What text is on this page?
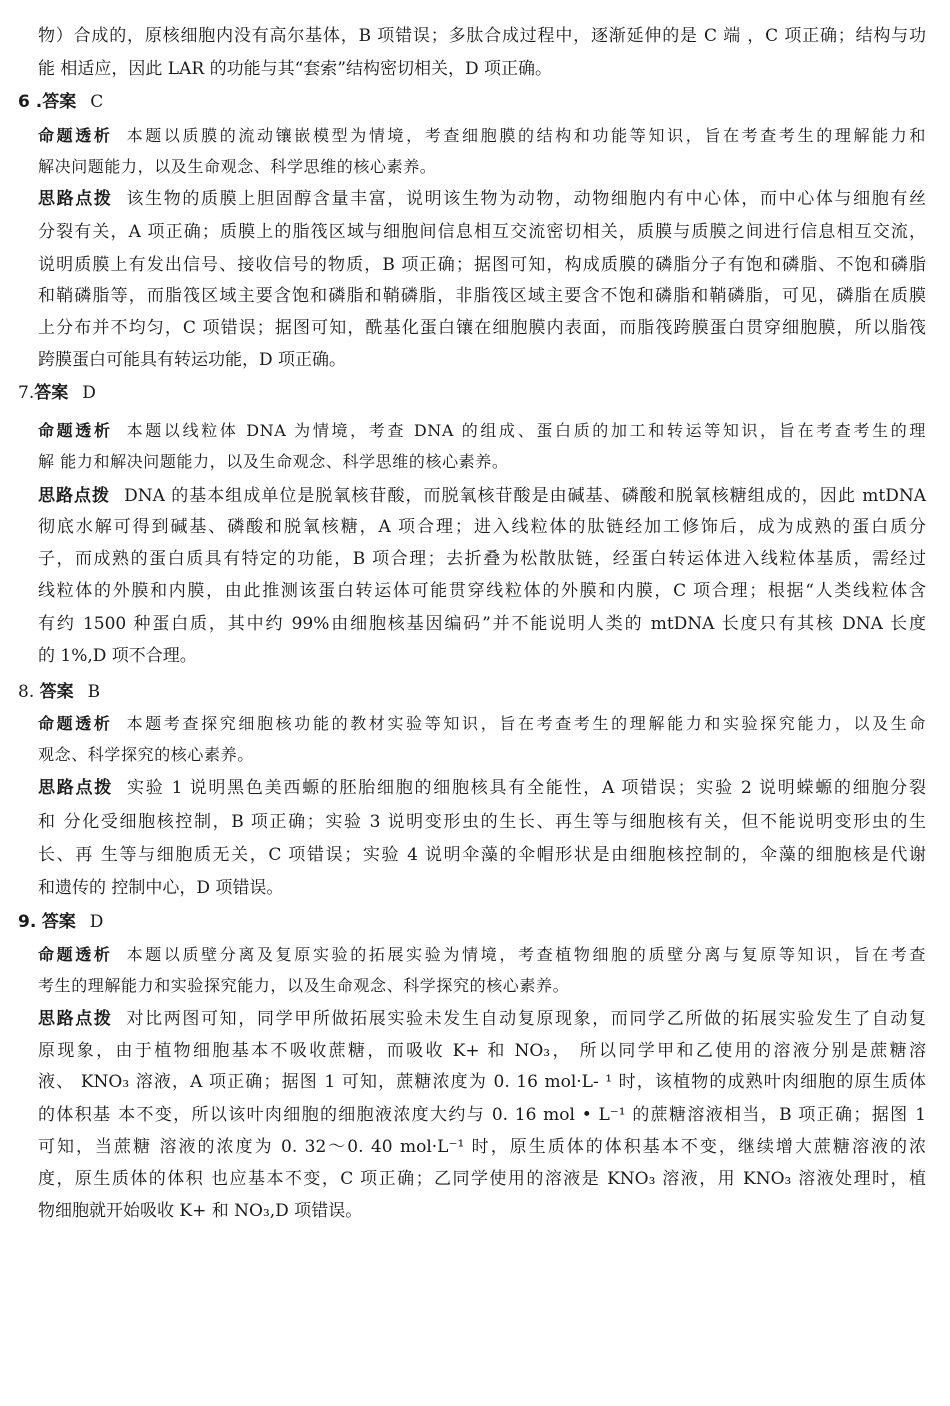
物）合成的，原核细胞内没有高尔基体，B 项错误；多肽合成过程中，逐渐延伸的是 C 端 ，C 项正确；结构与功
能 相适应，因此 LAR 的功能与其“套索”结构密切相关，D 项正确。
6 .答案 C
命题透析 本题以质膜的流动镶嵌模型为情境，考查细胞膜的结构和功能等知识，旨在考查考生的理解能力和
解决问题能力，以及生命观念、科学思维的核心素养。
思路点拨 该生物的质膜上胆固醇含量丰富，说明该生物为动物，动物细胞内有中心体，而中心体与细胞有丝
分裂有关，A 项正确；质膜上的脂筏区域与细胞间信息相互交流密切相关，质膜与质膜之间进行信息相互交流，
说明质膜上有发出信号、接收信号的物质，B 项正确；据图可知，构成质膜的磷脂分子有饱和磷脂、不饱和磷脂
和鞘磷脂等，而脂筏区域主要含饱和磷脂和鞘磷脂，非脂筏区域主要含不饱和磷脂和鞘磷脂，可见，磷脂在质膜
上分布并不均匀，C 项错误；据图可知，酰基化蛋白镶在细胞膜内表面，而脂筏跨膜蛋白贯穿细胞膜，所以脂筏
跨膜蛋白可能具有转运功能，D 项正确。
7.答案 D
命题透析 本题以线粒体 DNA 为情境，考查 DNA 的组成、蛋白质的加工和转运等知识，旨在考查考生的理
解 能力和解决问题能力，以及生命观念、科学思维的核心素养。
思路点拨 DNA 的基本组成单位是脱氧核苷酸，而脱氧核苷酸是由碱基、磷酸和脱氧核糖组成的，因此 mtDNA
彻底水解可得到碱基、磷酸和脱氧核糖，A 项合理；进入线粒体的肽链经加工修饰后，成为成熟的蛋白质分
子，而成熟的蛋白质具有特定的功能，B 项合理；去折叠为松散肽链，经蛋白转运体进入线粒体基质，需经过
线粒体的外膜和内膜，由此推测该蛋白转运体可能贯穿线粒体的外膜和内膜，C 项合理；根据“人类线粒体含
有约 1500 种蛋白质，其中约 99%由细胞核基因编码”并不能说明人类的 mtDNA 长度只有其核 DNA 长度
的 1%,D 项不合理。
8. 答案 B
命题透析 本题考查探究细胞核功能的教材实验等知识，旨在考查考生的理解能力和实验探究能力，以及生命
观念、科学探究的核心素养。
思路点拨 实验 1 说明黑色美西螈的胚胎细胞的细胞核具有全能性，A 项错误；实验 2 说明蝾螈的细胞分裂
和 分化受细胞核控制，B 项正确；实验 3 说明变形虫的生长、再生等与细胞核有关，但不能说明变形虫的生
长、再 生等与细胞质无关，C 项错误；实验 4 说明伞藻的伞帽形状是由细胞核控制的，伞藻的细胞核是代谢
和遗传的 控制中心，D 项错误。
9. 答案 D
命题透析 本题以质壁分离及复原实验的拓展实验为情境，考查植物细胞的质壁分离与复原等知识，旨在考查
考生的理解能力和实验探究能力，以及生命观念、科学探究的核心素养。
思路点拨 对比两图可知，同学甲所做拓展实验未发生自动复原现象，而同学乙所做的拓展实验发生了自动复
原现象，由于植物细胞基本不吸收蔗糖，而吸收 K+ 和 NO₃， 所以同学甲和乙使用的溶液分别是蔗糖溶
液、 KNO₃ 溶液，A 项正确；据图 1 可知，蔗糖浓度为 0. 16 mol·L- ¹ 时，该植物的成熟叶肉细胞的原生质体
的体积基 本不变，所以该叶肉细胞的细胞液浓度大约与 0. 16 mol • L⁻¹ 的蔗糖溶液相当，B 项正确；据图 1
可知，当蔗糖 溶液的浓度为 0. 32～0. 40 mol·L⁻¹ 时，原生质体的体积基本不变，继续增大蔗糖溶液的浓
度，原生质体的体积 也应基本不变，C 项正确；乙同学使用的溶液是 KNO₃ 溶液，用 KNO₃ 溶液处理时，植
物细胞就开始吸收 K+ 和 NO₃,D 项错误。
